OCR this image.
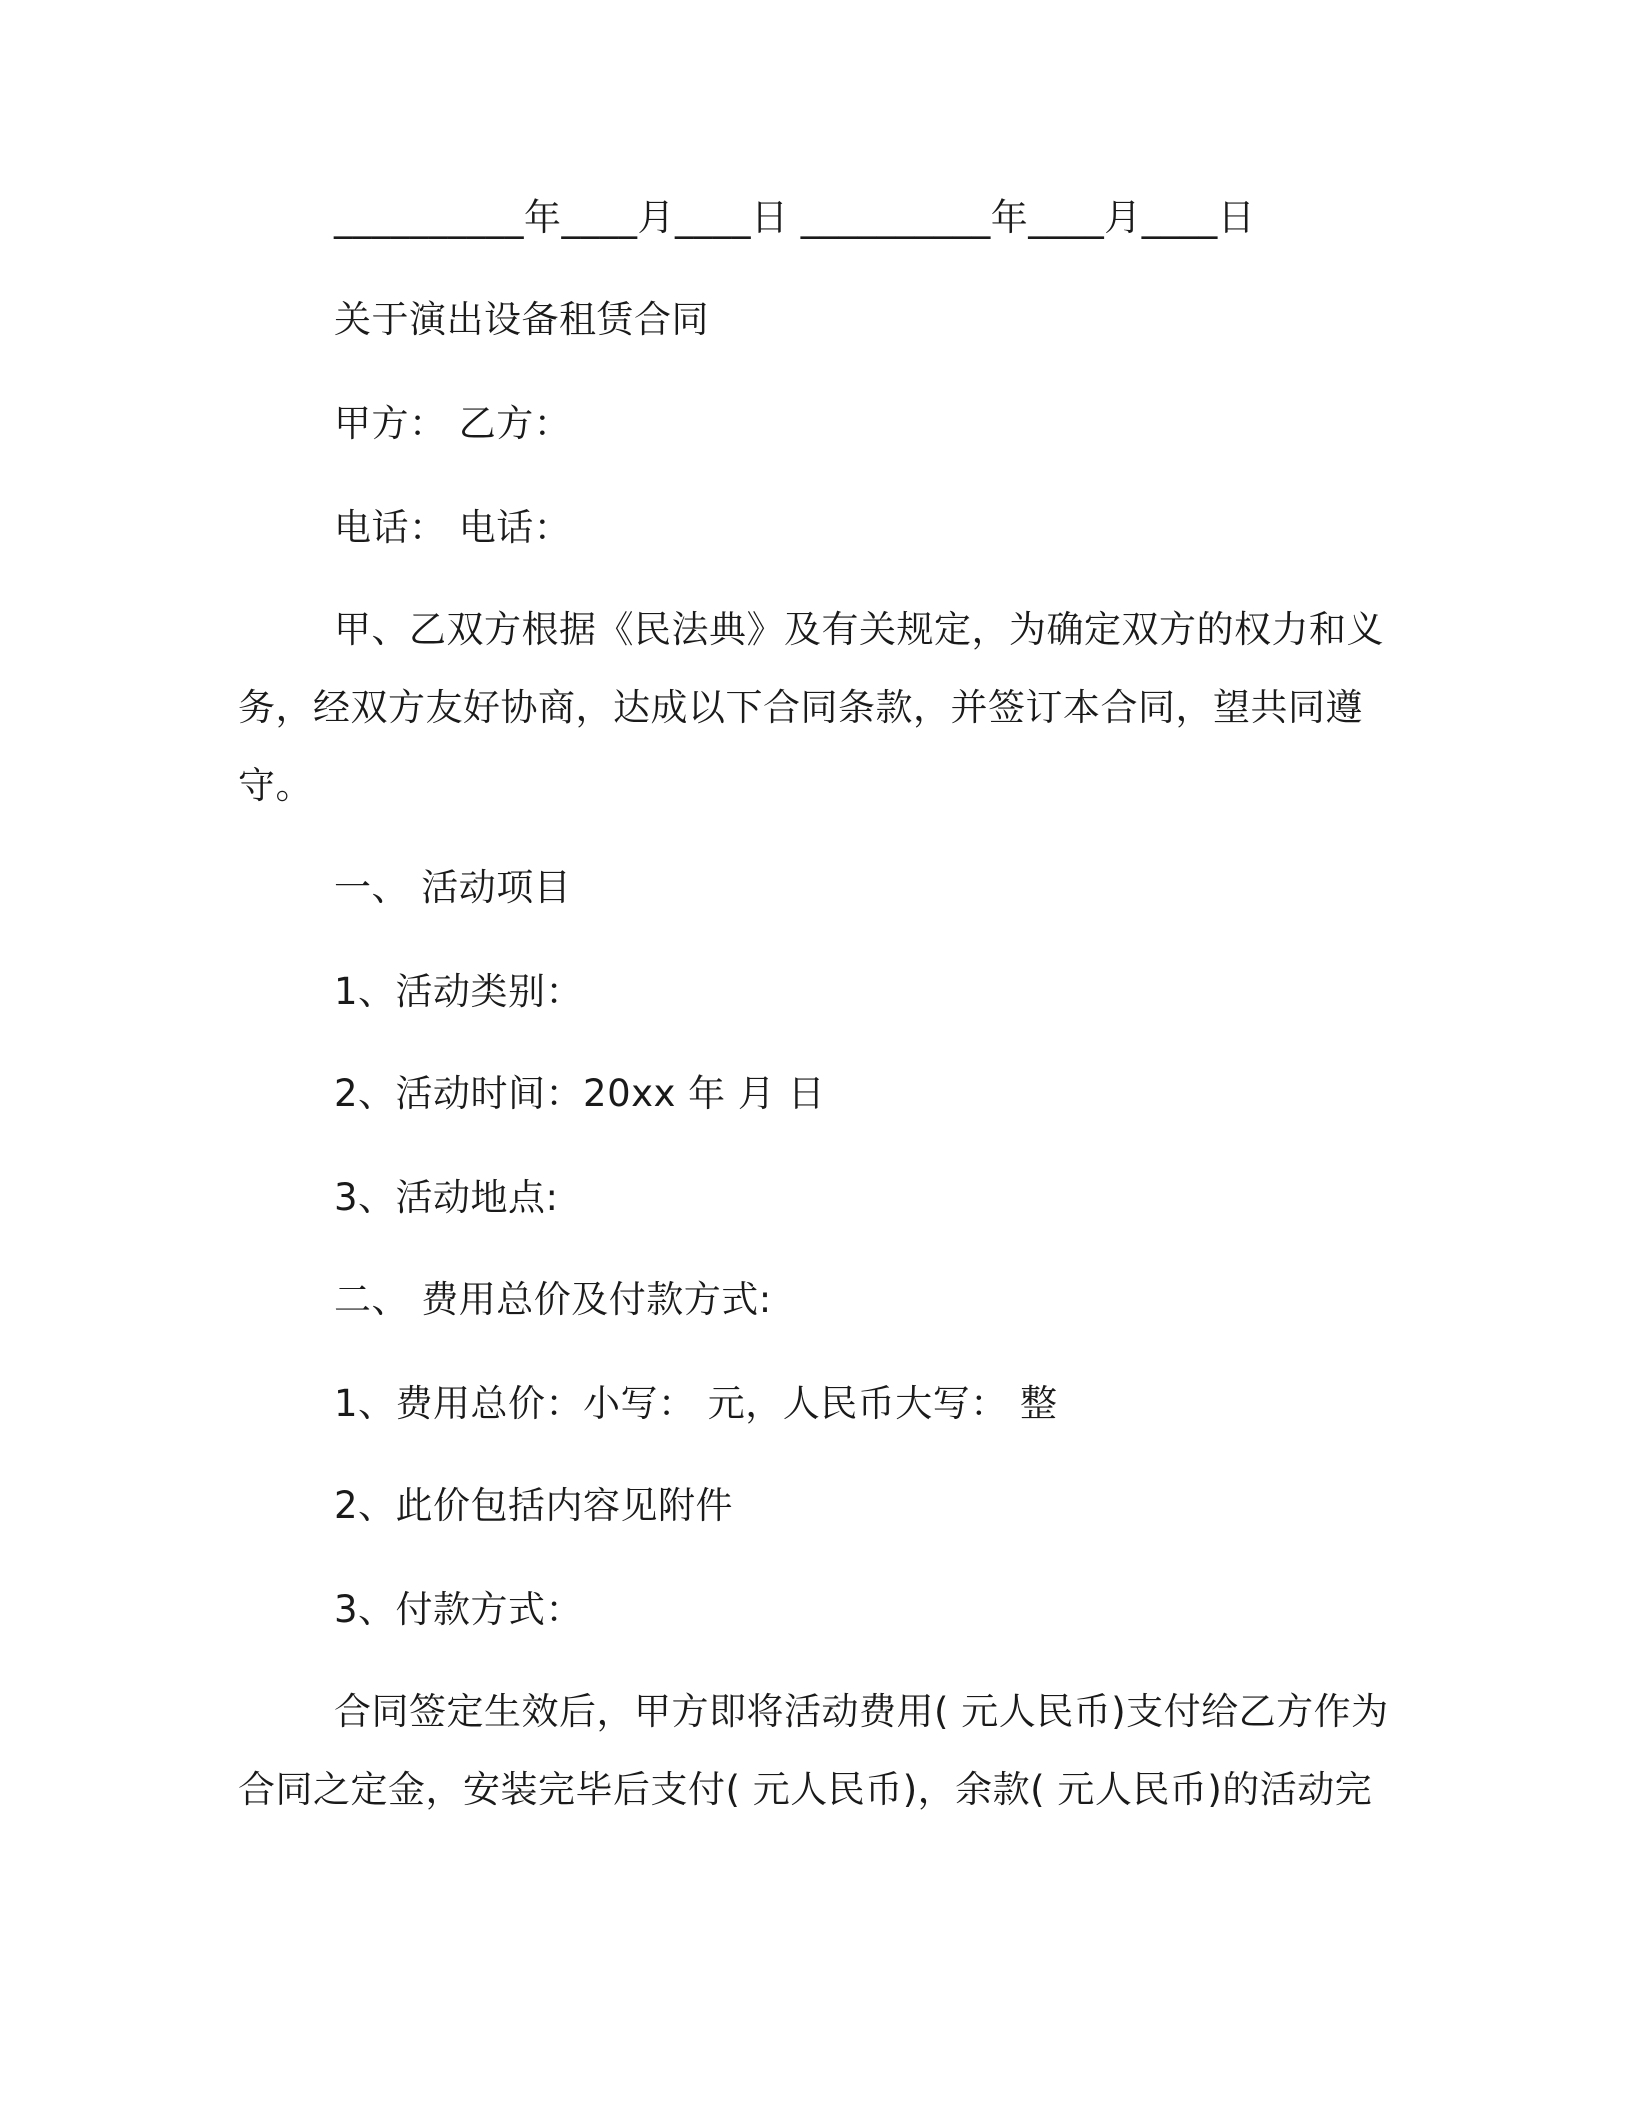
__________年____月____日 __________年____月____日
关于演出设备租赁合同
甲方： 乙方：
电话： 电话：
甲、乙双方根据《民法典》及有关规定，为确定双方的权力和义
务，经双方友好协商，达成以下合同条款，并签订本合同，望共同遵
守。
一、 活动项目
1、活动类别：
2、活动时间：20xx 年 月 日
3、活动地点:
二、 费用总价及付款方式:
1、费用总价：小写： 元，人民币大写： 整
2、此价包括内容见附件
3、付款方式：
合同签定生效后，甲方即将活动费用( 元人民币)支付给乙方作为
合同之定金，安装完毕后支付( 元人民币)，余款( 元人民币)的活动完
